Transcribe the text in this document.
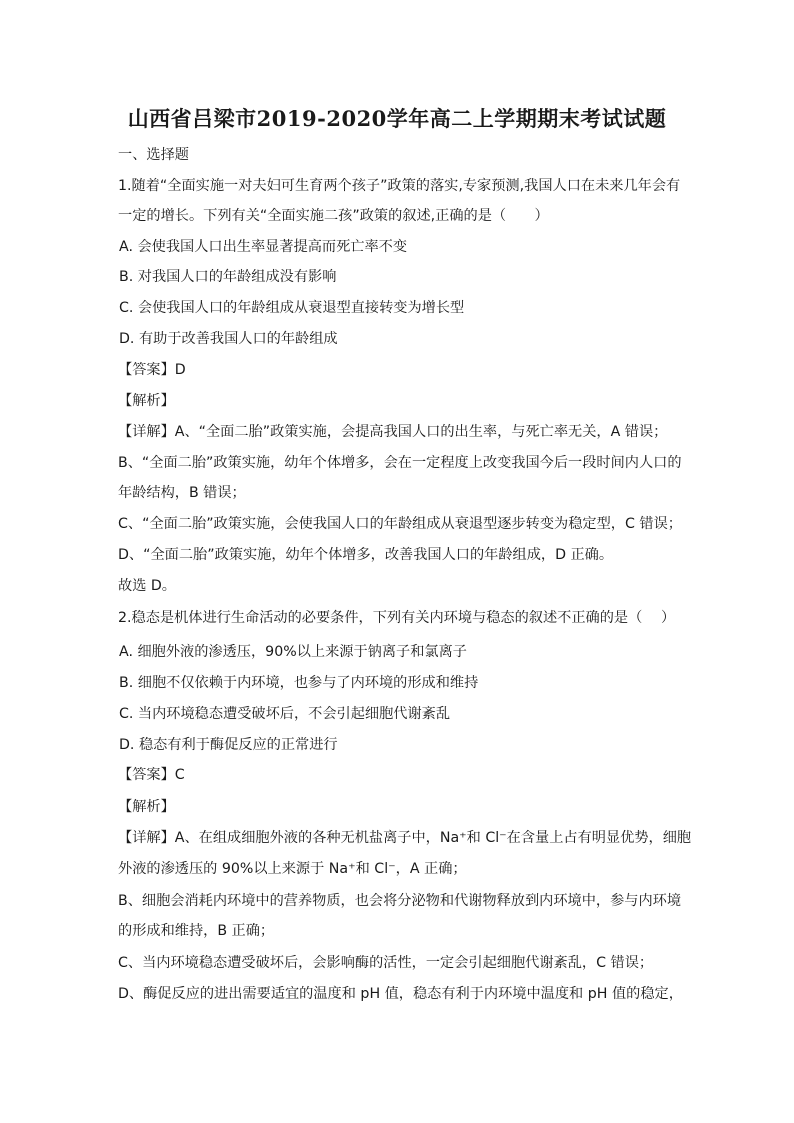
山西省吕梁市2019-2020学年高二上学期期末考试试题
一、选择题
1.随着“全面实施一对夫妇可生育两个孩子”政策的落实,专家预测,我国人口在未来几年会有
一定的增长。下列有关“全面实施二孩”政策的叙述,正确的是（　　）
A. 会使我国人口出生率显著提高而死亡率不变
B. 对我国人口的年龄组成没有影响
C. 会使我国人口的年龄组成从衰退型直接转变为增长型
D. 有助于改善我国人口的年龄组成
【答案】D
【解析】
【详解】A、“全面二胎”政策实施，会提高我国人口的出生率，与死亡率无关，A 错误；
B、“全面二胎”政策实施，幼年个体增多，会在一定程度上改变我国今后一段时间内人口的
年龄结构，B 错误；
C、“全面二胎”政策实施，会使我国人口的年龄组成从衰退型逐步转变为稳定型，C 错误；
D、“全面二胎”政策实施，幼年个体增多，改善我国人口的年龄组成，D 正确。
故选 D。
2.稳态是机体进行生命活动的必要条件，下列有关内环境与稳态的叙述不正确的是（　 ）
A. 细胞外液的渗透压，90%以上来源于钠离子和氯离子
B. 细胞不仅依赖于内环境，也参与了内环境的形成和维持
C. 当内环境稳态遭受破坏后，不会引起细胞代谢紊乱
D. 稳态有利于酶促反应的正常进行
【答案】C
【解析】
【详解】A、在组成细胞外液的各种无机盐离子中，Na⁺和 Cl⁻在含量上占有明显优势，细胞
外液的渗透压的 90%以上来源于 Na⁺和 Cl⁻，A 正确；
B、细胞会消耗内环境中的营养物质，也会将分泌物和代谢物释放到内环境中，参与内环境
的形成和维持，B 正确；
C、当内环境稳态遭受破坏后，会影响酶的活性，一定会引起细胞代谢紊乱，C 错误；
D、酶促反应的进出需要适宜的温度和 pH 值，稳态有利于内环境中温度和 pH 值的稳定，
